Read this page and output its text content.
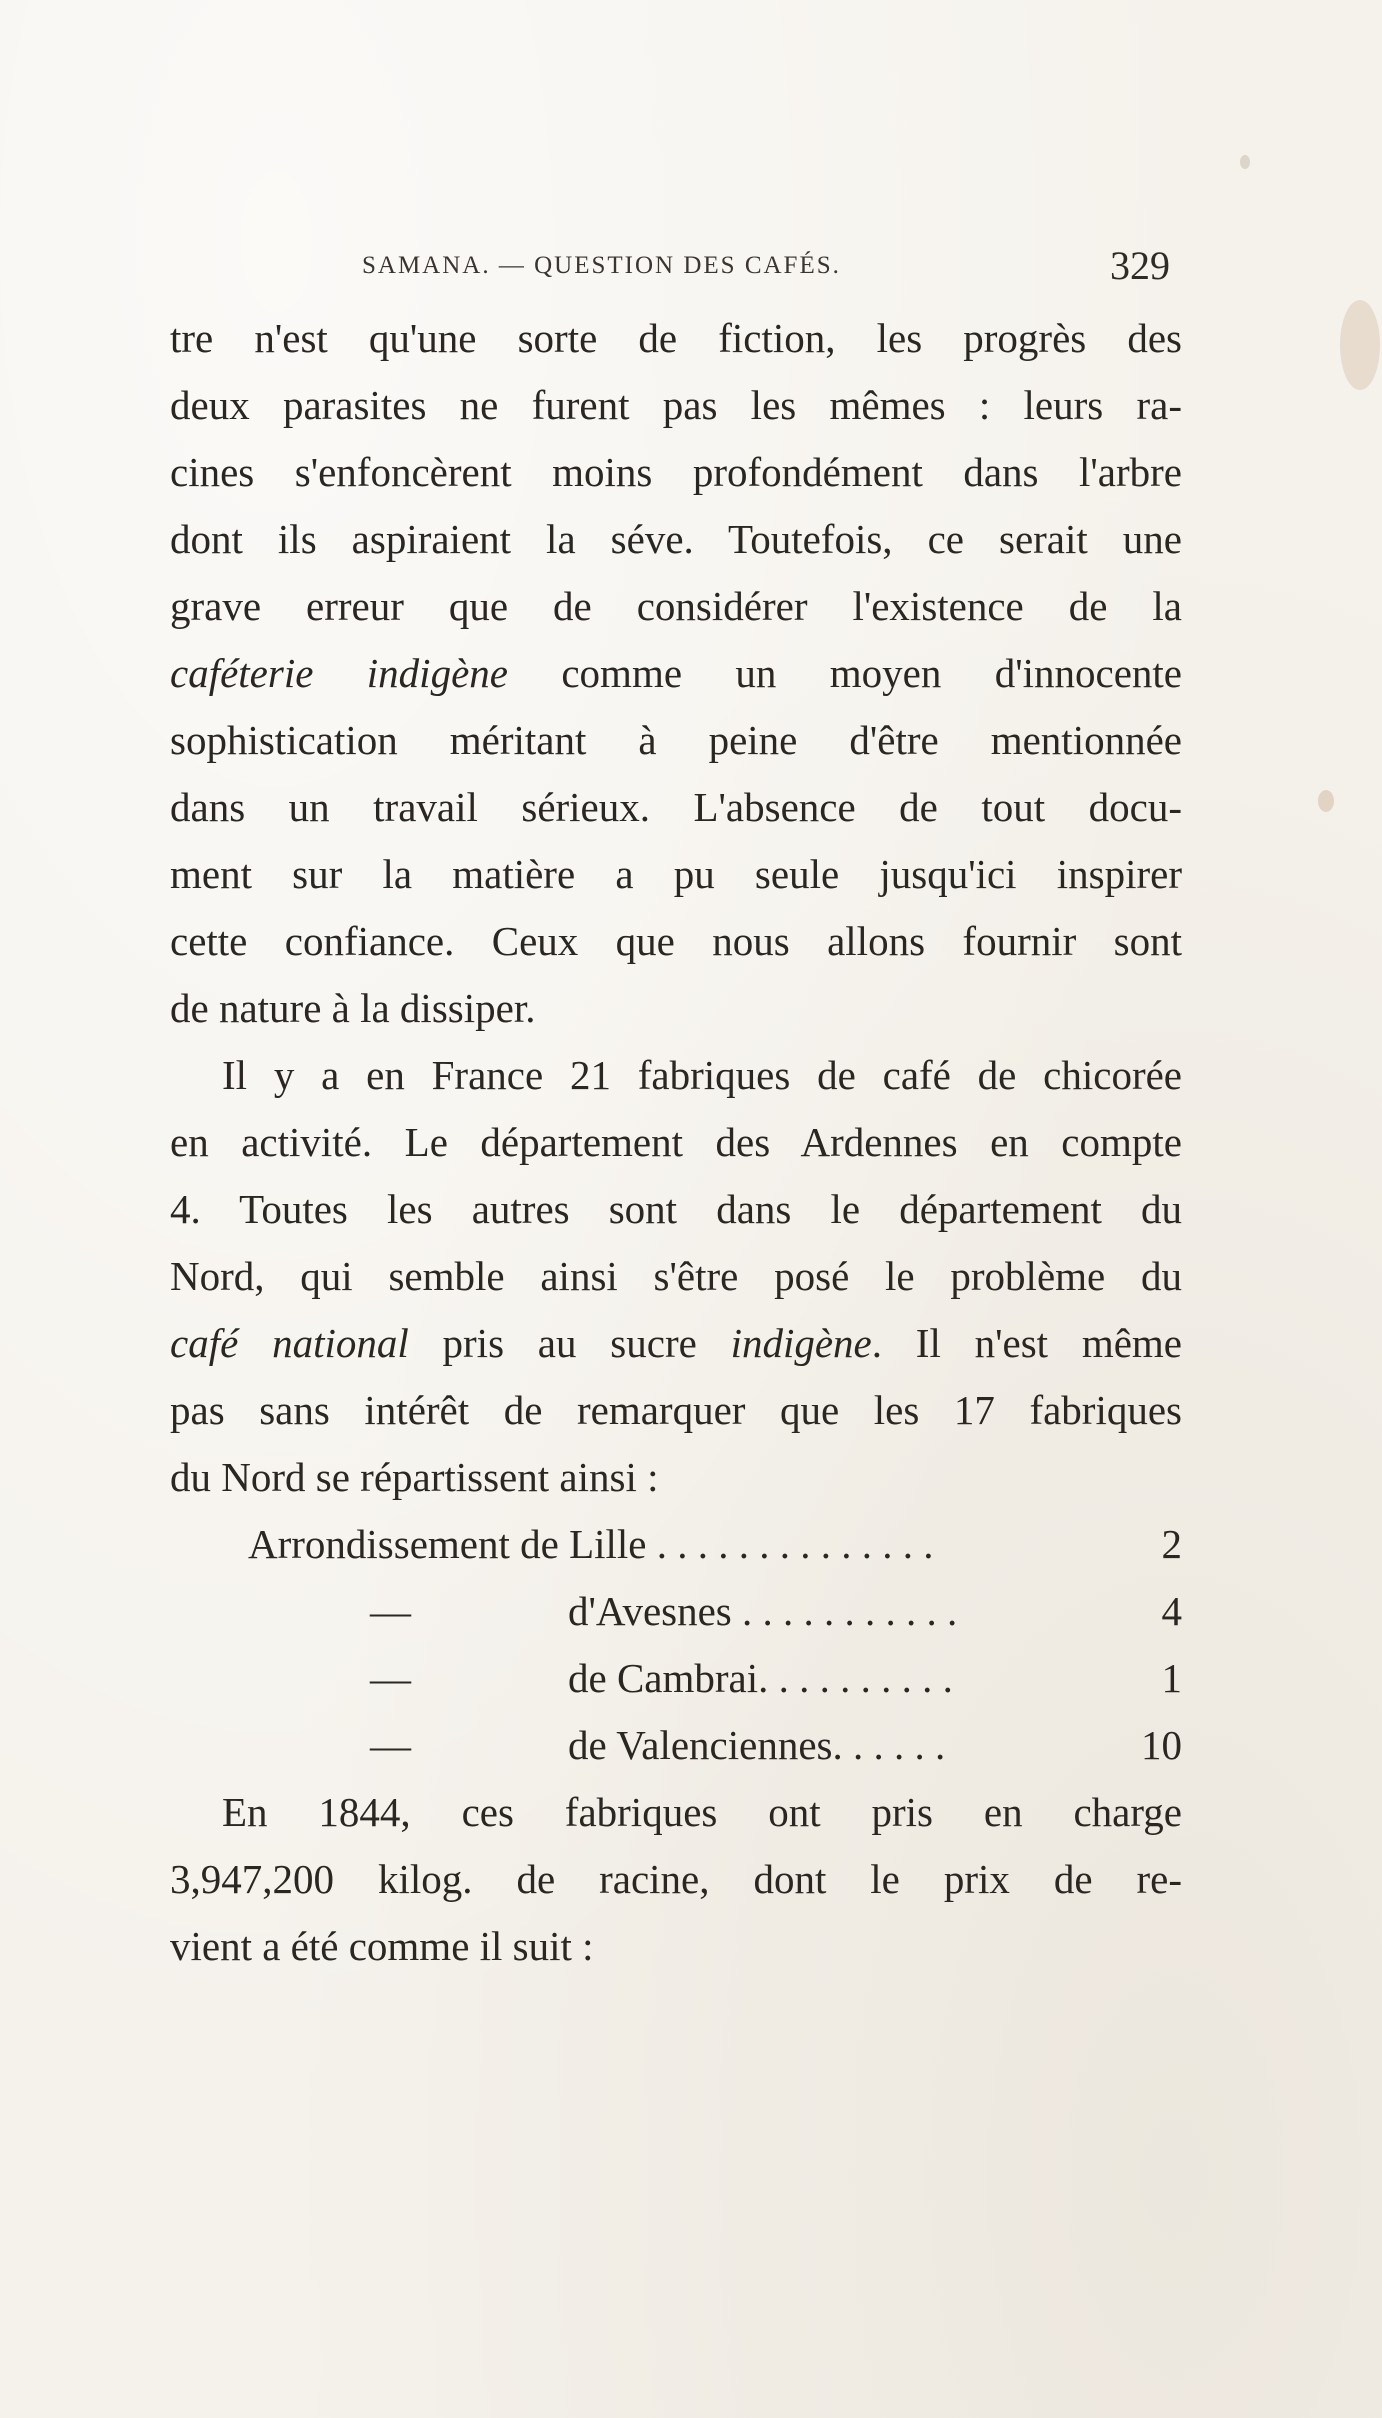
SAMANA. — QUESTION DES CAFÉS.	329
tre n'est qu'une sorte de fiction, les progrès des
deux parasites ne furent pas les mêmes : leurs ra-
cines s'enfoncèrent moins profondément dans l'arbre
dont ils aspiraient la séve. Toutefois, ce serait une
grave erreur que de considérer l'existence de la
caféterie indigène comme un moyen d'innocente
sophistication méritant à peine d'être mentionnée
dans un travail sérieux. L'absence de tout docu-
ment sur la matière a pu seule jusqu'ici inspirer
cette confiance. Ceux que nous allons fournir sont
de nature à la dissiper.
Il y a en France 21 fabriques de café de chicorée
en activité. Le département des Ardennes en compte
4. Toutes les autres sont dans le département du
Nord, qui semble ainsi s'être posé le problème du
café national pris au sucre indigène. Il n'est même
pas sans intérêt de remarquer que les 17 fabriques
du Nord se répartissent ainsi :
Arrondissement de Lille . . . . . . . . . . . . . .	2
—	d'Avesnes . . . . . . . . . . .	4
—	de Cambrai. . . . . . . . . .	1
—	de Valenciennes. . . . . .	10
En 1844, ces fabriques ont pris en charge
3,947,200 kilog. de racine, dont le prix de re-
vient a été comme il suit :
